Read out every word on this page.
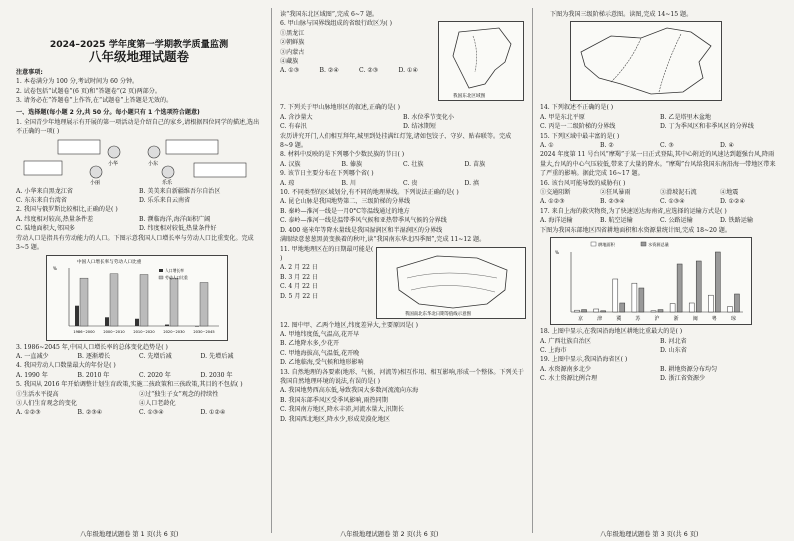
2024–2025 学年度第一学期教学质量监测

八年级地理试题卷

注意事项:

1. 本卷满分为 100 分,考试时间为 60 分钟。

2. 试卷包括“试题卷”(6 页)和“答题卷”(2 页)两部分。

3. 请务必在“答题卷”上作答,在“试题卷”上答题是无效的。

一、选择题(每小题 2 分,共 50 分。每小题只有 1 个选项符合题意)

1. 全国青少年地理展示有开展的第一项活动是介绍自己的家乡,请根据四位同学的描述,选出不正确的一项( )

小华	小东
小丽	乐乐
A. 小华来自黑龙江省	B. 美美来自新疆维吾尔自治区
C. 东东来自台湾省	D. 乐乐来自云南省

2. 我国与俄罗斯比较相比,正确的是( )

A. 纬度相对较高,热量条件差	B. 濒临海洋,海洋面积广阔
C. 陆地面积大,邻国多	D. 纬度相对较低,热量条件好

劳动人口是指具有劳动能力的人口。下图示意我国人口增长率与劳动人口比重变化。完成 3~5 题。

中国人口增长率与劳动人口比重
1986~2000 2000~2010 2010~2020 2020~2030 2030~2045
人口增长率
劳动人口比重
%

3. 1986~2045 年,中国人口增长率的总体变化趋势是( )

A. 一直减少	B. 逐渐增长	C. 先增后减	D. 先增后减

4. 我国劳动人口数量最大的年份是( )

A. 1990 年	B. 2010 年	C. 2020 年	D. 2030 年

5. 我国从 2016 年开始调整计划生育政策,实施二孩政策和三孩政策,其目的不包括( )

①生活水平提高	②过“独生子女”观念的持续性
③人们生育观念的变化	④人口老龄化
A. ①②③	B. ②③④	C. ①③④	D. ①②④
八年级地理试题卷 第 1 页(共 6 页)

读“我国东北区域图”,完成 6~7 题。

6. 甲山脉与国界线组成的省级行政区为( )

①黑龙江

②朝鲜族

③内蒙古

④藏族

A. ①③	B. ②④	C. ②③	D. ①④
我国东北区域图

7. 下列关于甲山脉地形区的叙述,正确的是( )

A. 含沙量大	B. 水位季节变化小
C. 有春汛	D. 结冰期短

农历讲究开门,人们相互拜年,城里到处挂满红灯笼,诸如包饺子、守岁、贴春联等。完成 8~9 题。

8. 材料中反映的是下列哪个少数民族的节日( )

A. 汉族	B. 傣族	C. 壮族	D. 苗族

9. 该节日主要分布在下列哪个省( )

A. 琼	B. 川	C. 贵	D. 滇

10. 不同类型的区域划分,有不同的地理界线。下列说法正确的是( )

A. 昆仑山脉是我国地势第二、三级阶梯的分界线

B. 秦岭—淮河一线是一月0°C等温线通过的地方

C. 泰岭—淮河一线是温带季风气候和亚热带季风气候的分界线

D. 400 毫米年等降水量线是我国湿润区和半湿润区的分界线

满眼绿意葱葱黑黄变换着的秋叶,读“我国南东华北四季图”,完成 11~12 题。

11. 甲地地理区在的日期最可能是( )

A. 2 月 22 日

B. 3 月 22 日

C. 4 月 22 日

D. 5 月 22 日

我国南北东华北日期等值线示意图

12. 图中甲、乙两个地区,纬度差异大,主要原因是( )

A. 甲地纬度低,气温高,花开早

B. 乙地降水多,少花开

C. 甲地海拔高,气温低,花开晚

D. 乙地临海,受气候和地形影响

13. 自然地理的各要素(地形、气候、河流等)相互作用、相互影响,形成一个整体。下列关于我国自然地理环境的说法,有误的是( )

A. 我国地势西高东低,导致我国大多数河流流向东海

B. 我国东部季风区受季风影响,雨热同期

C. 我国南方地区,降水丰沛,河流水量大,汛期长

D. 我国西北地区,降水少,形成荒漠化地区

八年级地理试题卷 第 2 页(共 6 页)

下图为我国三级阶梯示意图。读图,完成 14~15 题。

14. 下列叙述不正确的是( )

A. 甲是东北平原	B. 乙是塔里木盆地
C. 丙是一二级阶梯的分界线	D. 丁为季风区和非季风区的分界线

15. 下列区域中最丰富的是( )

A. ①	B. ②	C. ③	D. ④

2024 年度第 11 号台风“摩羯”于某一日正式登陆,其中心附近的风速达到超强台风,降雨量大,台风的中心气压较低,带来了大量的降水。“摩羯”台风给我国东南沿海一带地区带来了严重的影响。据此完成 16~17 题。

16. 该台风可能导致的威胁有( )

①交通阻断	②狂风暴雨	③滑坡泥石流	④地震
A. ①②③	B. ②③④	C. ①③④	D. ①②④

17. 来自上海的救灾物资,为了快速送达海南省,应选择的运输方式是( )

A. 海洋运输	B. 航空运输	C. 公路运输	D. 铁路运输

下图为我国东部地区四省耕地面积和水资源量统计图,完成 18~20 题。

京	津	冀	苏	沪	浙	闽	粤	琼
耕地面积	水资源总量
%

18. 上图中显示,在我国沿海地区耕地比重最大的是( )

A. 广西壮族自治区	B. 河北省
C. 上海市	D. 山东省

19. 上图中显示,我国沿海省区( )

A. 水资源南多北少	B. 耕地资源分布均匀
C. 水土资源比例合理	D. 浙江省资源少
八年级地理试题卷 第 3 页(共 6 页)
